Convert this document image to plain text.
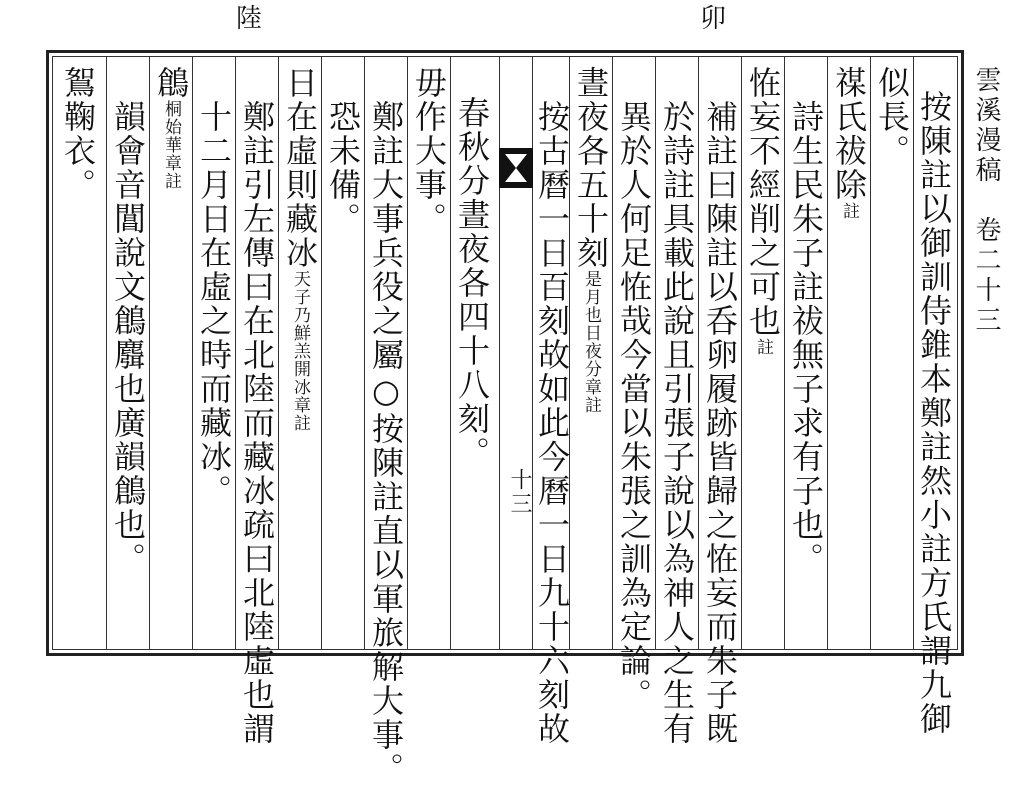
陸	卯
十三
雲溪漫稿　卷二十三
似長。 按陳註以御訓侍錐本鄭註然小註方氏謂九御
禖氏祓除註
詩生民朱子註祓無子求有子也。
恠妄不經削之可也註
補註曰陳註以呑卵履跡皆歸之恠妄而朱子既
於詩註具載此說且引張子說以為神人之生有
異於人何足恠哉今當以朱張之訓為定論。
晝夜各五十刻是月也日夜分章註
按古曆一日百刻故如此今曆一日九十六刻故
春秋分晝夜各四十八刻。
毋作大事。
鄭註大事兵役之屬○按陳註直以軍旅解大事。
恐未備。
日在虛則藏冰天子乃鮮羔開冰章註
鄭註引左傳曰在北陸而藏冰疏曰北陸虛也謂
十二月日在虛之時而藏冰。
鶬桐始華章註
韻會音閶說文鶬麛也廣韻鶬也。
鴽鞠衣。
